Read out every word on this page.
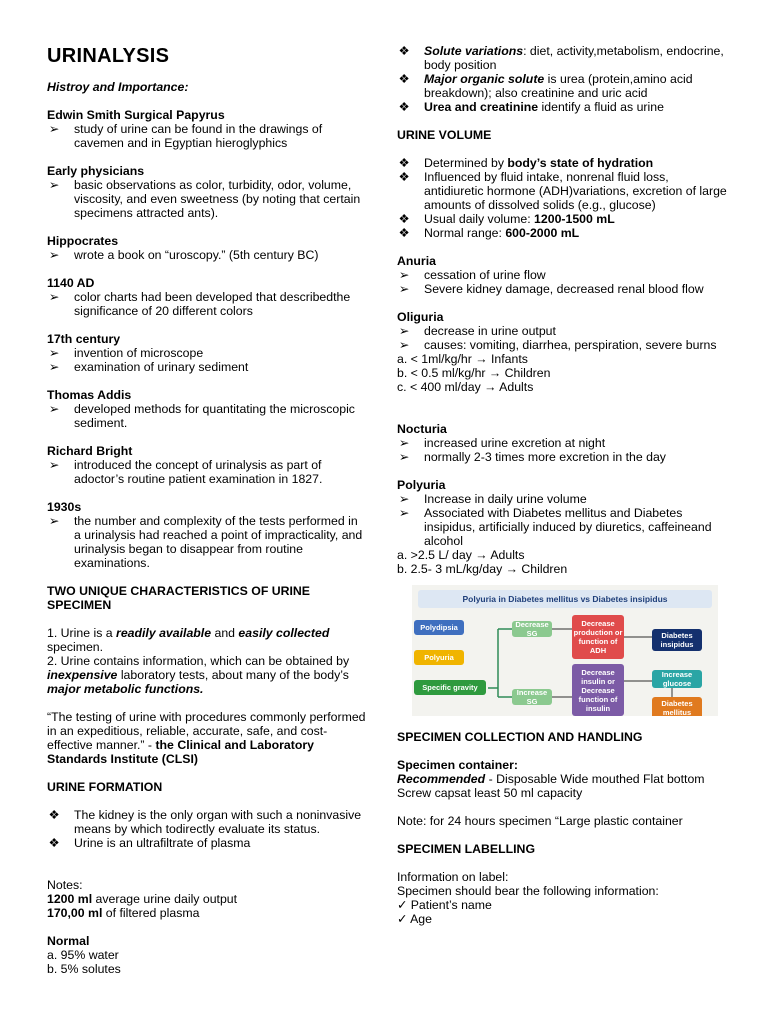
URINALYSIS
Histroy and Importance:
Edwin Smith Surgical Papyrus
➢ study of urine can be found in the drawings of cavemen and in Egyptian hieroglyphics
Early physicians
➢ basic observations as color, turbidity, odor, volume, viscosity, and even sweetness (by noting that certain specimens attracted ants).
Hippocrates
➢ wrote a book on “uroscopy.” (5th century BC)
1140 AD
➢ color charts had been developed that describedthe significance of 20 different colors
17th century
➢ invention of microscope
➢ examination of urinary sediment
Thomas Addis
➢ developed methods for quantitating the microscopic sediment.
Richard Bright
➢ introduced the concept of urinalysis as part of adoctor’s routine patient examination in 1827.
1930s
➢ the number and complexity of the tests performed in a urinalysis had reached a point of impracticality, and urinalysis began to disappear from routine examinations.
TWO UNIQUE CHARACTERISTICS OF URINE SPECIMEN
1. Urine is a readily available and easily collected specimen.
2. Urine contains information, which can be obtained by inexpensive laboratory tests, about many of the body’s major metabolic functions.
“The testing of urine with procedures commonly performed in an expeditious, reliable, accurate, safe, and cost-effective manner.” - the Clinical and Laboratory Standards Institute (CLSI)
URINE FORMATION
❖ The kidney is the only organ with such a noninvasive means by which todirectly evaluate its status.
❖ Urine is an ultrafiltrate of plasma
Notes:
1200 ml average urine daily output
170,00 ml of filtered plasma
Normal
a. 95% water
b. 5% solutes
❖ Solute variations: diet, activity,metabolism, endocrine, body position
❖ Major organic solute is urea (protein,amino acid breakdown); also creatinine and uric acid
❖ Urea and creatinine identify a fluid as urine
URINE VOLUME
❖ Determined by body’s state of hydration
❖ Influenced by fluid intake, nonrenal fluid loss, antidiuretic hormone (ADH)variations, excretion of large amounts of dissolved solids (e.g., glucose)
❖ Usual daily volume: 1200-1500 mL
❖ Normal range: 600-2000 mL
Anuria
➢ cessation of urine flow
➢ Severe kidney damage, decreased renal blood flow
Oliguria
➢ decrease in urine output
➢ causes: vomiting, diarrhea, perspiration, severe burns
a. < 1ml/kg/hr → Infants
b. < 0.5 ml/kg/hr → Children
c. < 400 ml/day → Adults
Nocturia
➢ increased urine excretion at night
➢ normally 2-3 times more excretion in the day
Polyuria
➢ Increase in daily urine volume
➢ Associated with Diabetes mellitus and Diabetes insipidus, artificially induced by diuretics, caffeineand alcohol
a. >2.5 L/ day → Adults
b. 2.5- 3 mL/kg/day → Children
SPECIMEN COLLECTION AND HANDLING
Specimen container:
Recommended - Disposable Wide mouthed Flat bottom Screw capsat least 50 ml capacity
Note: for 24 hours specimen “Large plastic container
SPECIMEN LABELLING
Information on label:
Specimen should bear the following information:
✓ Patient’s name
✓ Age
Polyuria in Diabetes mellitus vs Diabetes insipidus
Polydipsia
Polyuria
Specific gravity
Decrease SG
Increase SG
Decrease production or function of ADH
Decrease insulin or Decrease function of insulin
Diabetes insipidus
Increase glucose
Diabetes mellitus
